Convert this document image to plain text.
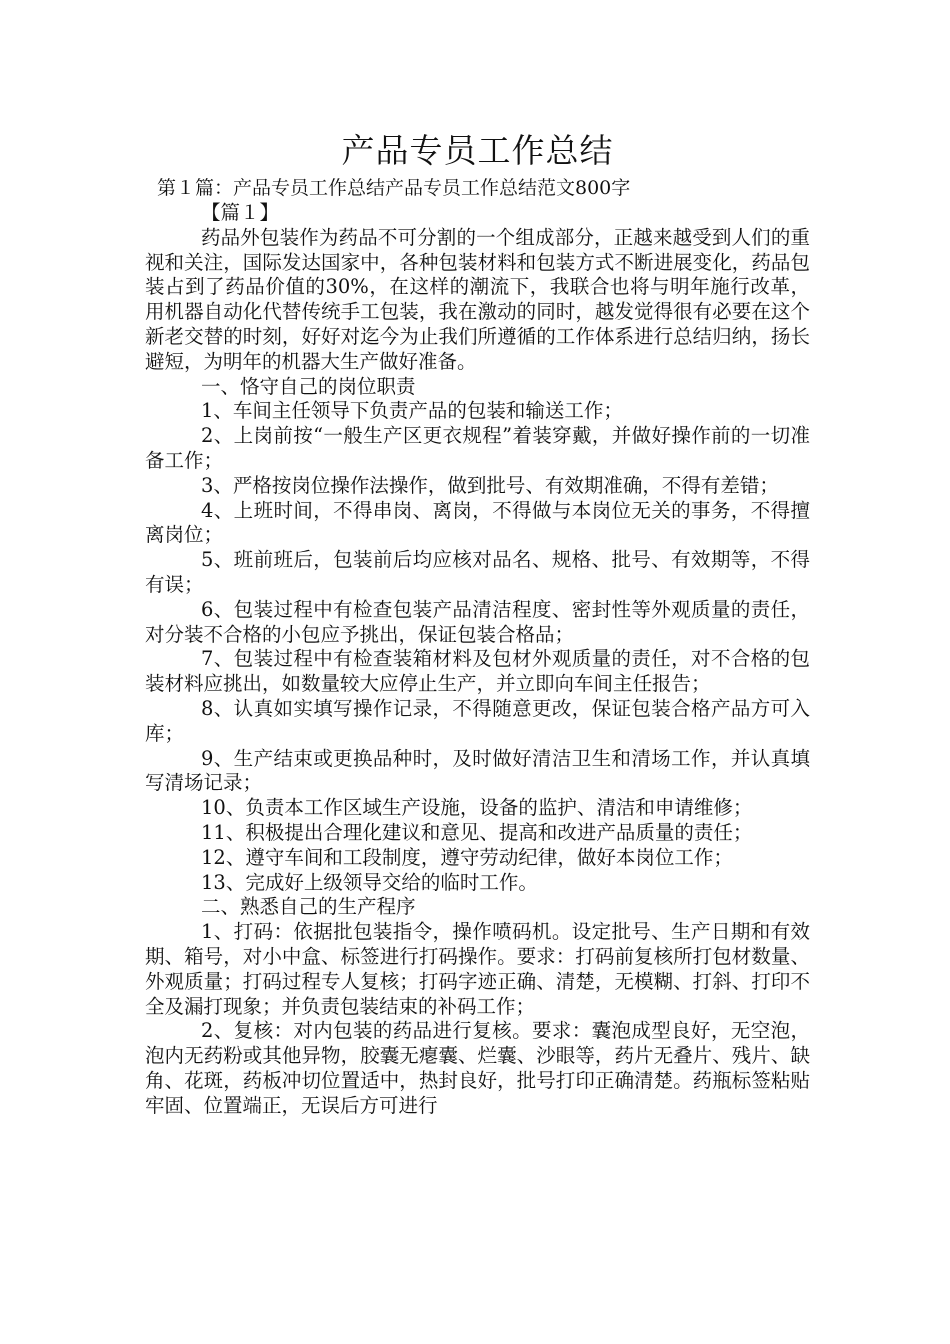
产品专员工作总结

第１篇：产品专员工作总结产品专员工作总结范文800字

【篇１】

药品外包装作为药品不可分割的一个组成部分，正越来越受到人们的重视和关注，国际发达国家中，各种包装材料和包装方式不断进展变化，药品包装占到了药品价值的30%，在这样的潮流下，我联合也将与明年施行改革，用机器自动化代替传统手工包装，我在激动的同时，越发觉得很有必要在这个新老交替的时刻，好好对迄今为止我们所遵循的工作体系进行总结归纳，扬长避短，为明年的机器大生产做好准备。

一、恪守自己的岗位职责

1、车间主任领导下负责产品的包装和输送工作；

2、上岗前按“一般生产区更衣规程”着装穿戴，并做好操作前的一切准备工作；

3、严格按岗位操作法操作，做到批号、有效期准确，不得有差错；

4、上班时间，不得串岗、离岗，不得做与本岗位无关的事务，不得擅离岗位；

5、班前班后，包装前后均应核对品名、规格、批号、有效期等，不得有误；

6、包装过程中有检查包装产品清洁程度、密封性等外观质量的责任，对分装不合格的小包应予挑出，保证包装合格品；

7、包装过程中有检查装箱材料及包材外观质量的责任，对不合格的包装材料应挑出，如数量较大应停止生产，并立即向车间主任报告；

8、认真如实填写操作记录，不得随意更改，保证包装合格产品方可入库；

9、生产结束或更换品种时，及时做好清洁卫生和清场工作，并认真填写清场记录；

10、负责本工作区域生产设施，设备的监护、清洁和申请维修；

11、积极提出合理化建议和意见、提高和改进产品质量的责任；

12、遵守车间和工段制度，遵守劳动纪律，做好本岗位工作；

13、完成好上级领导交给的临时工作。

二、熟悉自己的生产程序

1、打码：依据批包装指令，操作喷码机。设定批号、生产日期和有效期、箱号，对小中盒、标签进行打码操作。要求：打码前复核所打包材数量、外观质量；打码过程专人复核；打码字迹正确、清楚，无模糊、打斜、打印不全及漏打现象；并负责包装结束的补码工作；

2、复核：对内包装的药品进行复核。要求：囊泡成型良好，无空泡，泡内无药粉或其他异物，胶囊无瘪囊、烂囊、沙眼等，药片无叠片、残片、缺角、花斑，药板冲切位置适中，热封良好，批号打印正确清楚。药瓶标签粘贴牢固、位置端正，无误后方可进行
